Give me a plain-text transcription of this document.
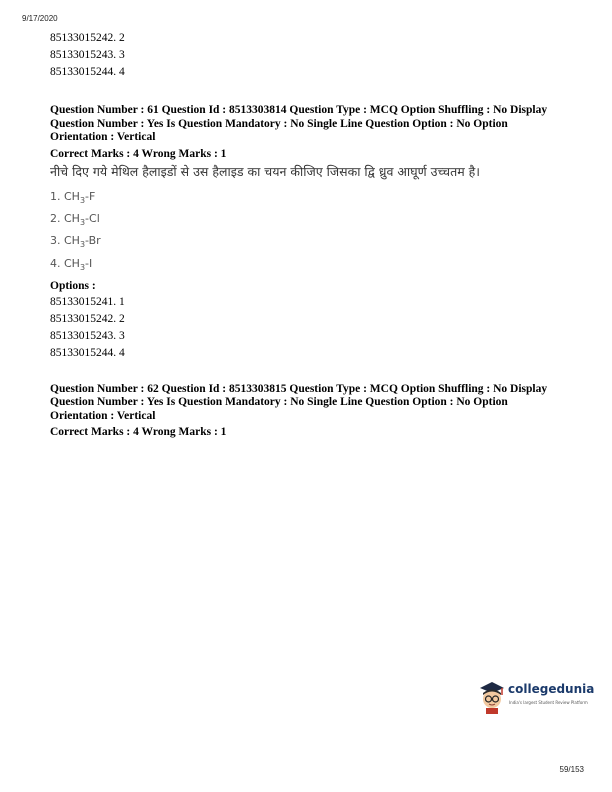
9/17/2020
85133015242. 2
85133015243. 3
85133015244. 4
Question Number : 61 Question Id : 8513303814 Question Type : MCQ Option Shuffling : No Display
Question Number : Yes Is Question Mandatory : No Single Line Question Option : No Option
Orientation : Vertical
Correct Marks : 4 Wrong Marks : 1
नीचे दिए गये मेथिल हैलाइडों से उस हैलाइड का चयन कीजिए जिसका द्वि ध्रुव आघूर्ण उच्चतम है।
1. $CH_3-F$
2. $CH_3-Cl$
3. $CH_3-Br$
4. $CH_3-I$
Options :
85133015241. 1
85133015242. 2
85133015243. 3
85133015244. 4
Question Number : 62 Question Id : 8513303815 Question Type : MCQ Option Shuffling : No Display
Question Number : Yes Is Question Mandatory : No Single Line Question Option : No Option
Orientation : Vertical
Correct Marks : 4 Wrong Marks : 1
collegedunia
India's largest Student Review Platform
59/153
